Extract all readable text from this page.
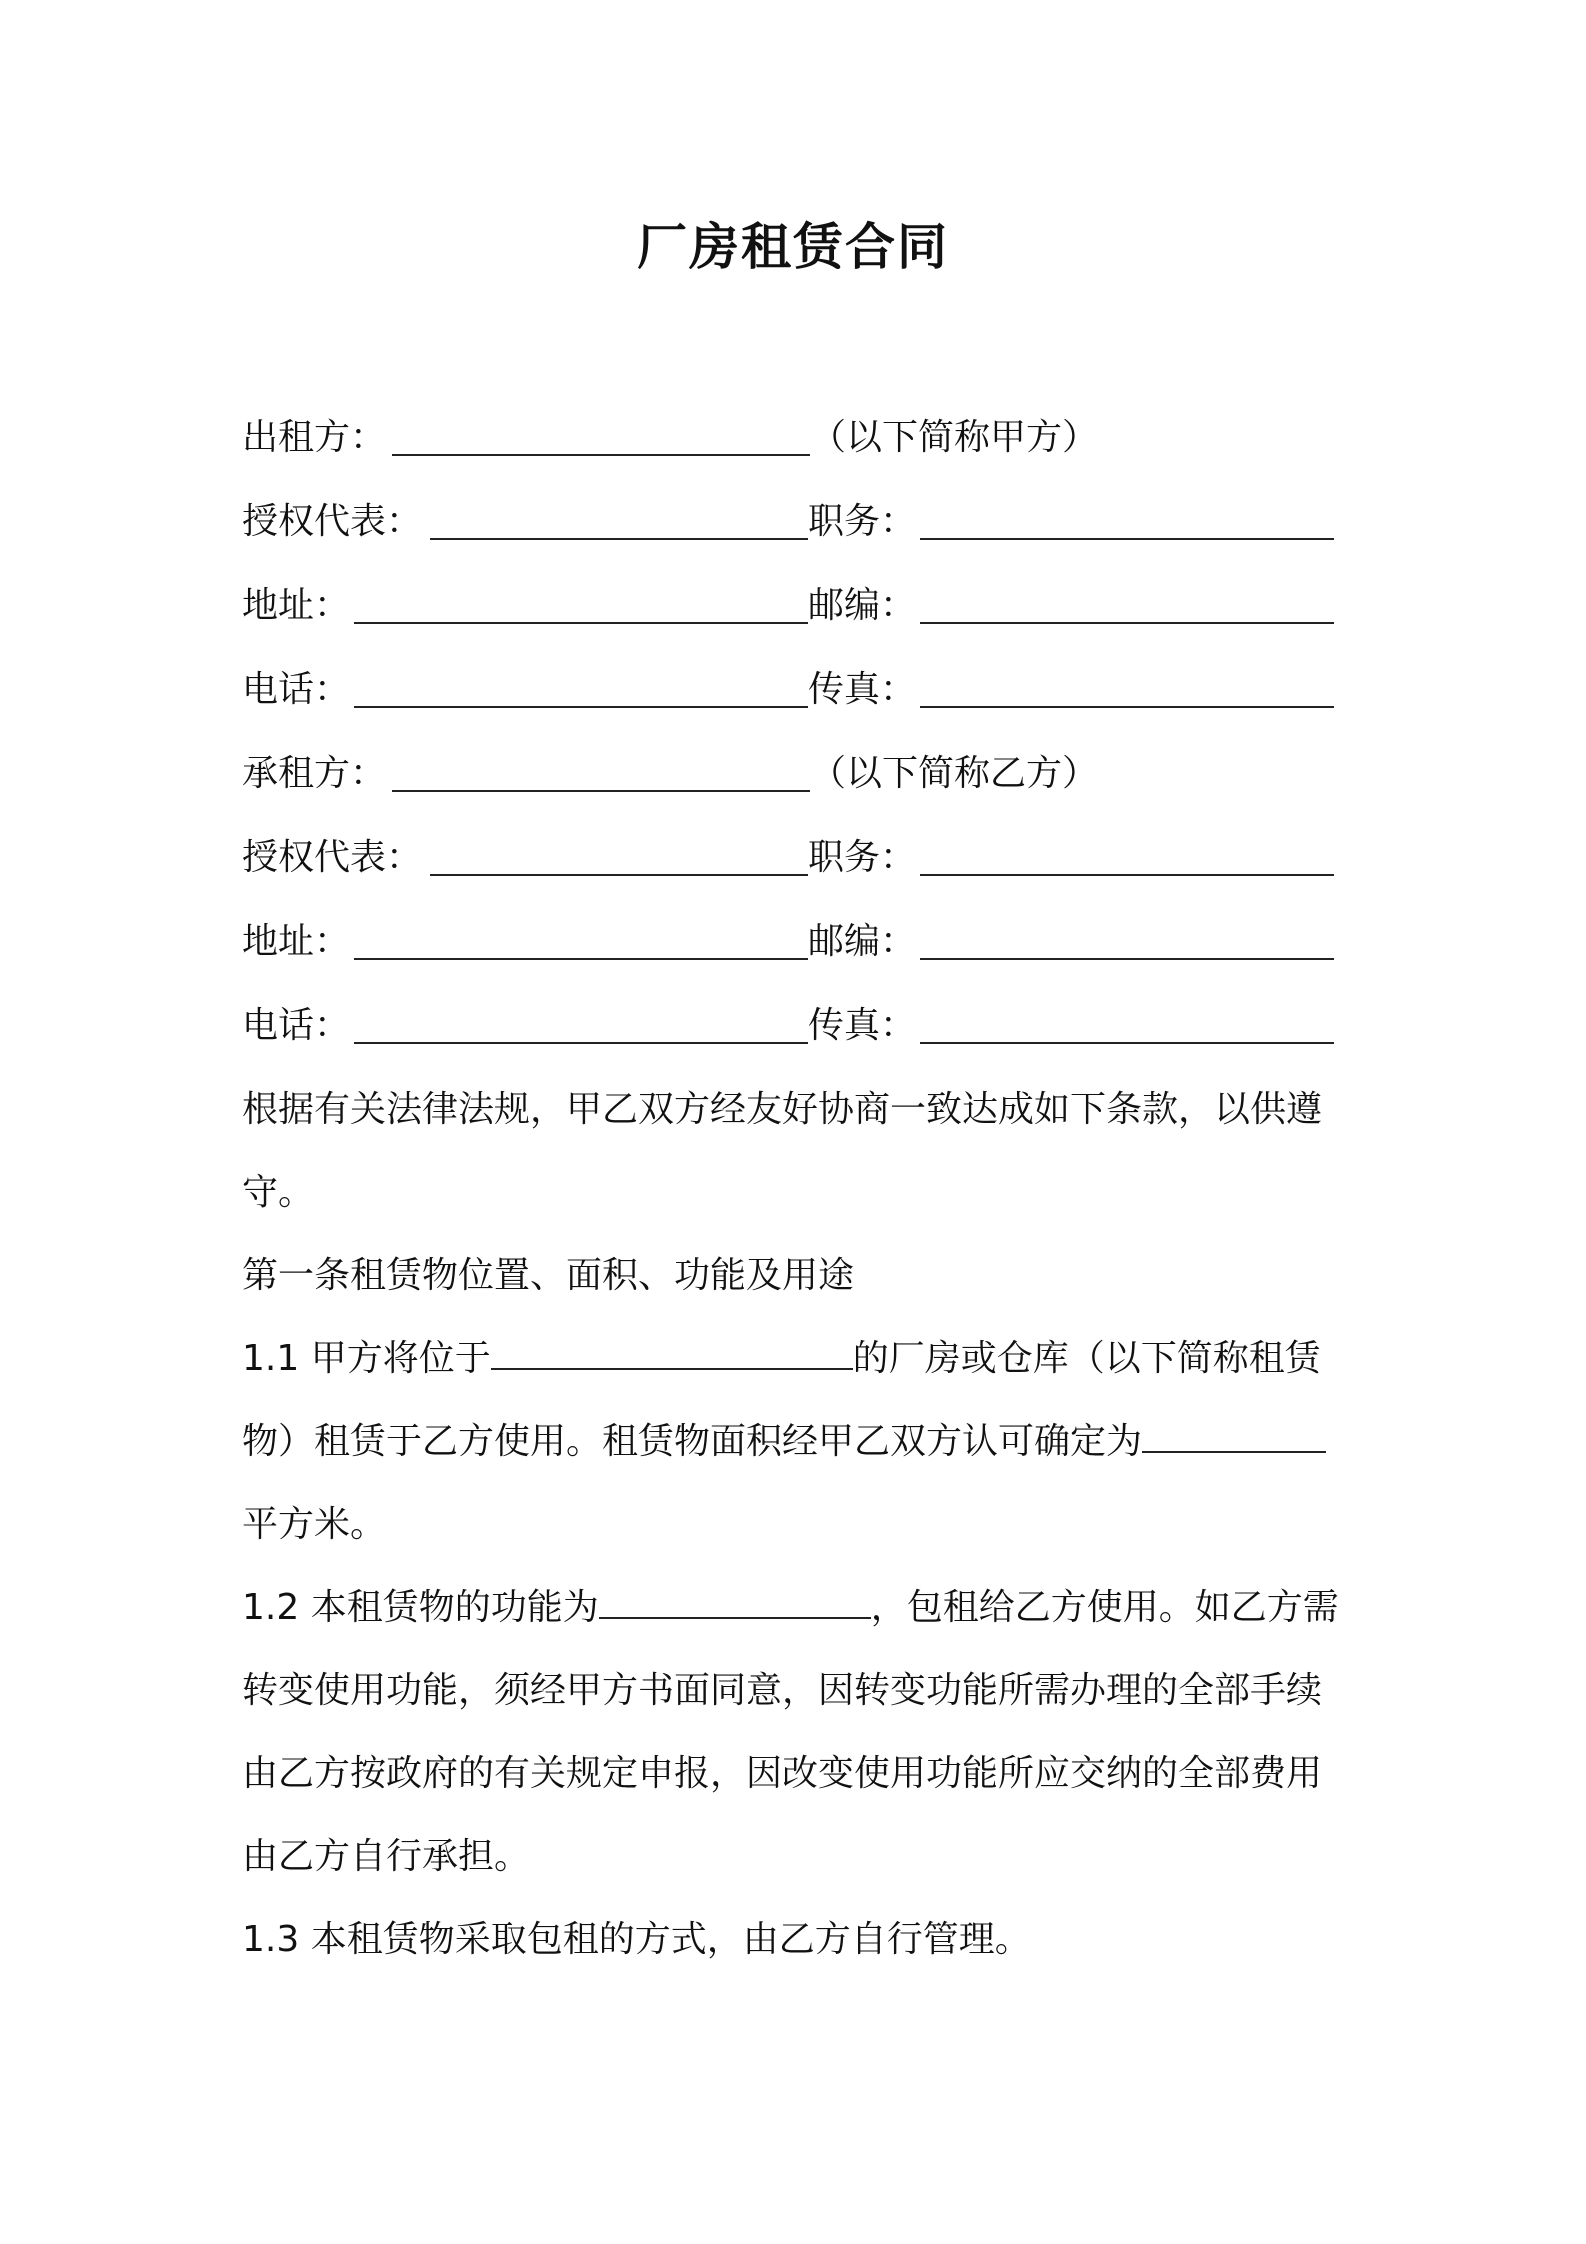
厂房租赁合同
出租方：	（以下简称甲方）
授权代表：	职务：
地址：	邮编：
电话：	传真：
承租方：	（以下简称乙方）
授权代表：	职务：
地址：	邮编：
电话：	传真：
根据有关法律法规，甲乙双方经友好协商一致达成如下条款，以供遵
守。
第一条租赁物位置、面积、功能及用途
1.1 甲方将位于	的厂房或仓库（以下简称租赁
物）租赁于乙方使用。租赁物面积经甲乙双方认可确定为
平方米。
1.2 本租赁物的功能为	，包租给乙方使用。如乙方需
转变使用功能，须经甲方书面同意，因转变功能所需办理的全部手续
由乙方按政府的有关规定申报，因改变使用功能所应交纳的全部费用
由乙方自行承担。
1.3 本租赁物采取包租的方式，由乙方自行管理。
